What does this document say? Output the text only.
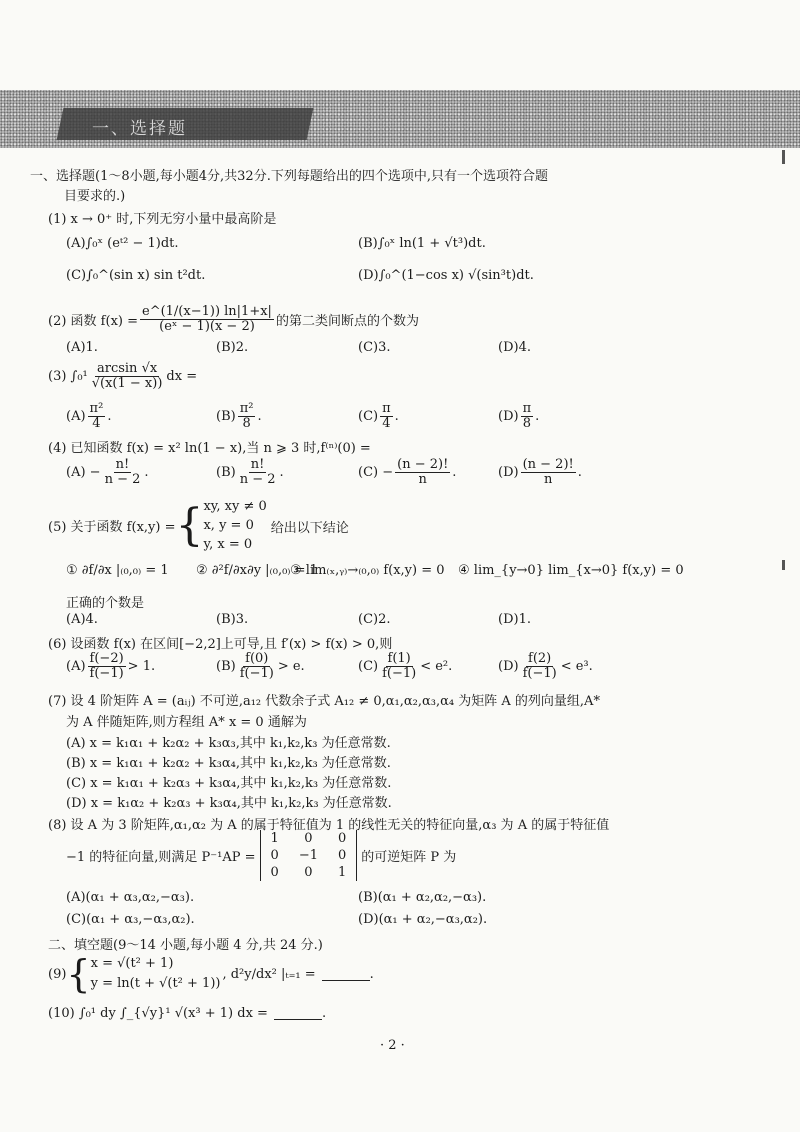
一、选择题
一、选择题(1～8小题,每小题4分,共32分.下列每题给出的四个选项中,只有一个选项符合题
目要求的.)
(1) x → 0⁺ 时,下列无穷小量中最高阶是
(A)∫₀ˣ (eᵗ² − 1)dt.	(B)∫₀ˣ ln(1 + √t³)dt.
(C)∫₀^(sin x) sin t²dt.	(D)∫₀^(1−cos x) √(sin³t)dt.
(2) 函数 $f(x) = \frac{e\^{}(1/(x-1)) \ln|1+x|}{\text{(eˣ − 1)(x − 2)}}$ 的第二类间断点的个数为
(A)1.	(B)2.	(C)3.	(D)4.
(3) $\int_0^1 \frac{\arcsin √x}{√(x(1 - x))}$ dx =
$(A) \frac{\text{π²}}{4}$ .	$(B) \frac{\text{π²}}{8}$ .	$(C) \frac{\pi}{4}$ .	$(D) \frac{\pi}{8}$ .
(4) 已知函数 f(x) = x² ln(1 − x),当 n ⩾ 3 时,f⁽ⁿ⁾(0) =
$(A) - \frac{n!}{n - 2}$ .	$(B) \frac{n!}{n - 2}$ .	$(C) - \frac{(n - 2)!}{n}$ .	$(D) \frac{(n - 2)!}{n}$ .
(5) 关于函数 f(x,y) = { xy, xy ≠ 0
x, y = 0
y, x = 0
给出以下结论
① ∂f/∂x |₍₀,₀₎ = 1 ② ∂²f/∂x∂y |₍₀,₀₎ = 1
③ lim₍ₓ,ᵧ₎→₍₀,₀₎ f(x,y) = 0 ④ lim_{y→0} lim_{x→0} f(x,y) = 0
正确的个数是
(A)4.	(B)3.	(C)2.	(D)1.
(6) 设函数 f(x) 在区间[−2,2]上可导,且 f′(x) > f(x) > 0,则
$(A) \frac{f(-2)}{f(-1)} > 1$.	$(B) \frac{f(0)}{f(-1)} > e$.	$(C) \frac{f(1)}{f(-1)} < e^2$.	$(D) \frac{f(2)}{f(-1)} < e^3$.
(7) 设 4 阶矩阵 A = (aᵢⱼ) 不可逆,a₁₂ 代数余子式 A₁₂ ≠ 0,α₁,α₂,α₃,α₄ 为矩阵 A 的列向量组,A*
为 A 伴随矩阵,则方程组 A* x = 0 通解为
(A) x = k₁α₁ + k₂α₂ + k₃α₃,其中 k₁,k₂,k₃ 为任意常数.
(B) x = k₁α₁ + k₂α₂ + k₃α₄,其中 k₁,k₂,k₃ 为任意常数.
(C) x = k₁α₁ + k₂α₃ + k₃α₄,其中 k₁,k₂,k₃ 为任意常数.
(D) x = k₁α₂ + k₂α₃ + k₃α₄,其中 k₁,k₂,k₃ 为任意常数.
(8) 设 A 为 3 阶矩阵,α₁,α₂ 为 A 的属于特征值为 1 的线性无关的特征向量,α₃ 为 A 的属于特征值
−1 的特征向量,则满足 P⁻¹AP =
1	0	0
0	−1	0
0	0	1
的可逆矩阵 P 为
(A)(α₁ + α₃,α₂,−α₃).	(B)(α₁ + α₂,α₂,−α₃).
(C)(α₁ + α₃,−α₃,α₂).	(D)(α₁ + α₂,−α₃,α₂).
二、填空题(9～14 小题,每小题 4 分,共 24 分.)
(9) { x = √(t² + 1)
y = ln(t + √(t² + 1))
, d²y/dx² |ₜ₌₁ =	.
(10) ∫₀¹ dy ∫_{√y}¹ √(x³ + 1) dx =	.
· 2 ·
